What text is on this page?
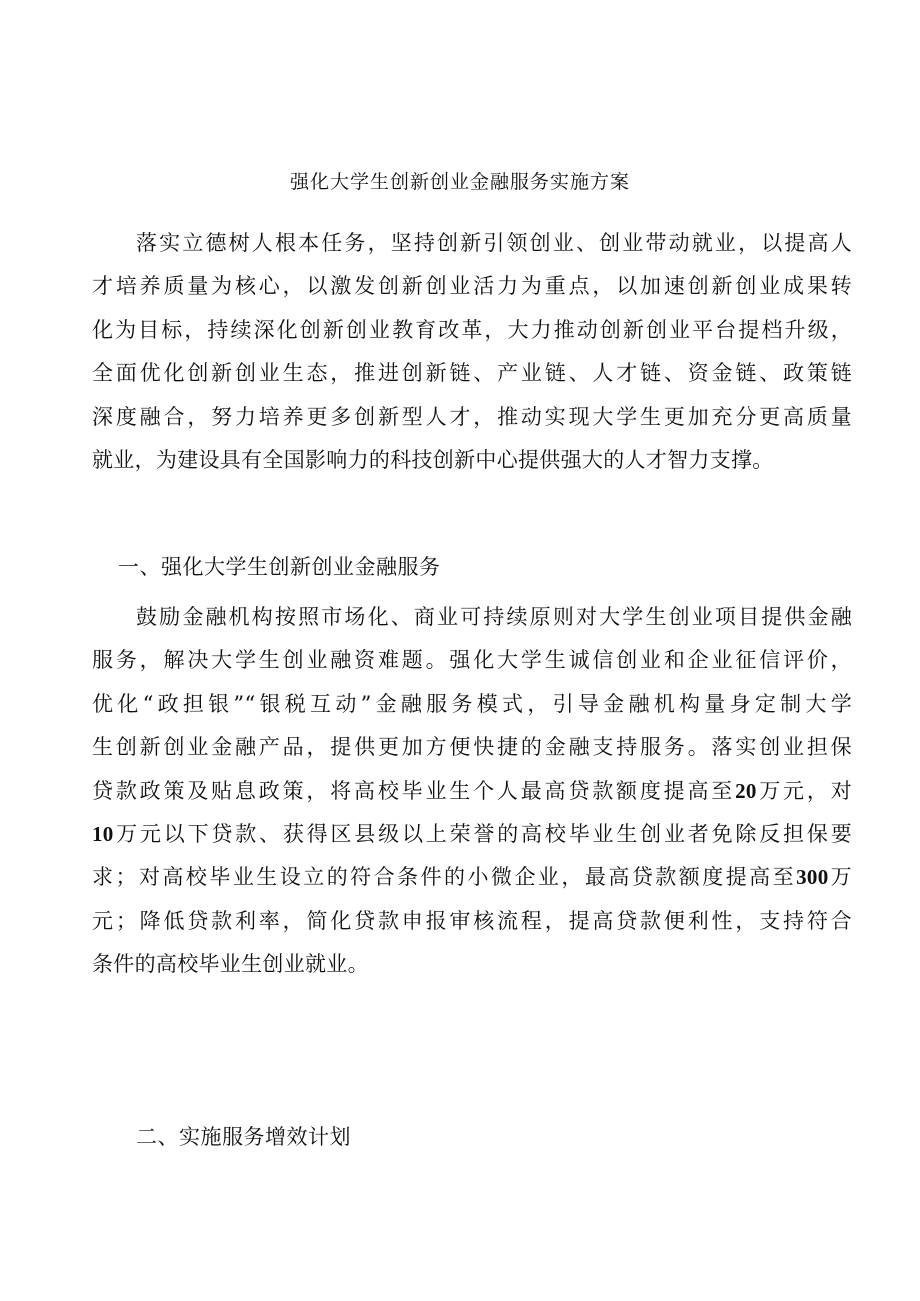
强化大学生创新创业金融服务实施方案
落实立德树人根本任务，坚持创新引领创业、创业带动就业，以提高人
才培养质量为核心，以激发创新创业活力为重点，以加速创新创业成果转
化为目标，持续深化创新创业教育改革，大力推动创新创业平台提档升级，
全面优化创新创业生态，推进创新链、产业链、人才链、资金链、政策链
深度融合，努力培养更多创新型人才，推动实现大学生更加充分更高质量
就业，为建设具有全国影响力的科技创新中心提供强大的人才智力支撑。
一、强化大学生创新创业金融服务
鼓励金融机构按照市场化、商业可持续原则对大学生创业项目提供金融
服务，解决大学生创业融资难题。强化大学生诚信创业和企业征信评价，
优化“政担银”“银税互动”金融服务模式，引导金融机构量身定制大学
生创新创业金融产品，提供更加方便快捷的金融支持服务。落实创业担保
贷款政策及贴息政策，将高校毕业生个人最高贷款额度提高至20万元，对
10万元以下贷款、获得区县级以上荣誉的高校毕业生创业者免除反担保要
求；对高校毕业生设立的符合条件的小微企业，最高贷款额度提高至300万
元；降低贷款利率，简化贷款申报审核流程，提高贷款便利性，支持符合
条件的高校毕业生创业就业。
二、实施服务增效计划
